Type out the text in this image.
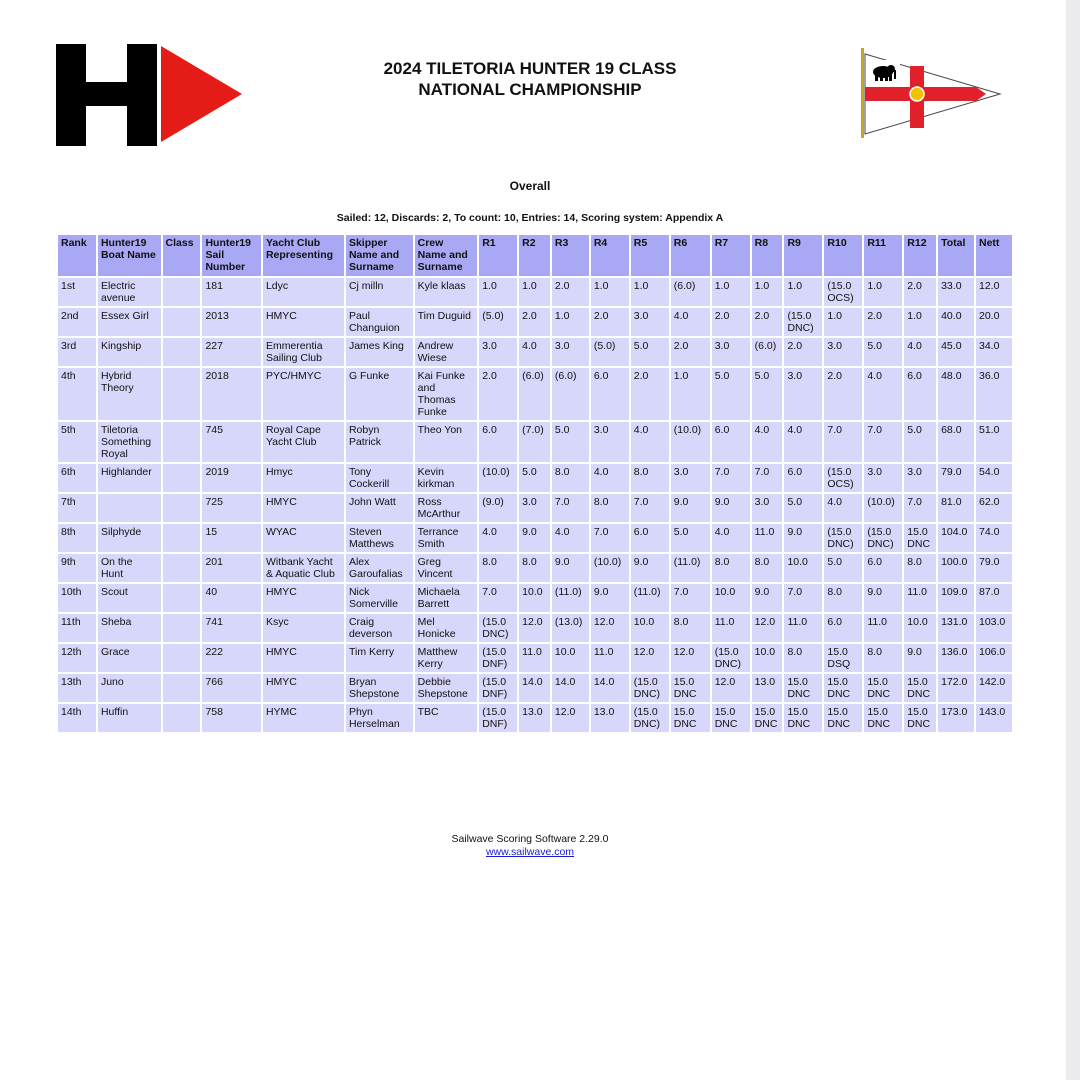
2024 TILETORIA HUNTER 19 CLASS
NATIONAL CHAMPIONSHIP
Overall
Sailed: 12, Discards: 2, To count: 10, Entries: 14, Scoring system: Appendix A
Rank	Hunter19 Boat Name	Class	Hunter19 Sail Number	Yacht Club Representing	Skipper Name and Surname	Crew Name and Surname	R1	R2	R3	R4	R5	R6	R7	R8	R9	R10	R11	R12	Total	Nett
1st	Electric avenue		181	Ldyc	Cj milln	Kyle klaas	1.0	1.0	2.0	1.0	1.0	(6.0)	1.0	1.0	1.0	(15.0 OCS)	1.0	2.0	33.0	12.0
2nd	Essex Girl		2013	HMYC	Paul Changuion	Tim Duguid	(5.0)	2.0	1.0	2.0	3.0	4.0	2.0	2.0	(15.0 DNC)	1.0	2.0	1.0	40.0	20.0
3rd	Kingship		227	Emmerentia Sailing Club	James King	Andrew Wiese	3.0	4.0	3.0	(5.0)	5.0	2.0	3.0	(6.0)	2.0	3.0	5.0	4.0	45.0	34.0
4th	Hybrid Theory		2018	PYC/HMYC	G Funke	Kai Funke and Thomas Funke	2.0	(6.0)	(6.0)	6.0	2.0	1.0	5.0	5.0	3.0	2.0	4.0	6.0	48.0	36.0
5th	Tiletoria Something Royal		745	Royal Cape Yacht Club	Robyn Patrick	Theo Yon	6.0	(7.0)	5.0	3.0	4.0	(10.0)	6.0	4.0	4.0	7.0	7.0	5.0	68.0	51.0
6th	Highlander		2019	Hmyc	Tony Cockerill	Kevin kirkman	(10.0)	5.0	8.0	4.0	8.0	3.0	7.0	7.0	6.0	(15.0 OCS)	3.0	3.0	79.0	54.0
7th			725	HMYC	John Watt	Ross McArthur	(9.0)	3.0	7.0	8.0	7.0	9.0	9.0	3.0	5.0	4.0	(10.0)	7.0	81.0	62.0
8th	Silphyde		15	WYAC	Steven Matthews	Terrance Smith	4.0	9.0	4.0	7.0	6.0	5.0	4.0	11.0	9.0	(15.0 DNC)	(15.0 DNC)	15.0 DNC	104.0	74.0
9th	On the Hunt		201	Witbank Yacht & Aquatic Club	Alex Garoufalias	Greg Vincent	8.0	8.0	9.0	(10.0)	9.0	(11.0)	8.0	8.0	10.0	5.0	6.0	8.0	100.0	79.0
10th	Scout		40	HMYC	Nick Somerville	Michaela Barrett	7.0	10.0	(11.0)	9.0	(11.0)	7.0	10.0	9.0	7.0	8.0	9.0	11.0	109.0	87.0
11th	Sheba		741	Ksyc	Craig deverson	Mel Honicke	(15.0 DNC)	12.0	(13.0)	12.0	10.0	8.0	11.0	12.0	11.0	6.0	11.0	10.0	131.0	103.0
12th	Grace		222	HMYC	Tim Kerry	Matthew Kerry	(15.0 DNF)	11.0	10.0	11.0	12.0	12.0	(15.0 DNC)	10.0	8.0	15.0 DSQ	8.0	9.0	136.0	106.0
13th	Juno		766	HMYC	Bryan Shepstone	Debbie Shepstone	(15.0 DNF)	14.0	14.0	14.0	(15.0 DNC)	15.0 DNC	12.0	13.0	15.0 DNC	15.0 DNC	15.0 DNC	15.0 DNC	172.0	142.0
14th	Huffin		758	HYMC	Phyn Herselman	TBC	(15.0 DNF)	13.0	12.0	13.0	(15.0 DNC)	15.0 DNC	15.0 DNC	15.0 DNC	15.0 DNC	15.0 DNC	15.0 DNC	15.0 DNC	173.0	143.0
Sailwave Scoring Software 2.29.0
www.sailwave.com
